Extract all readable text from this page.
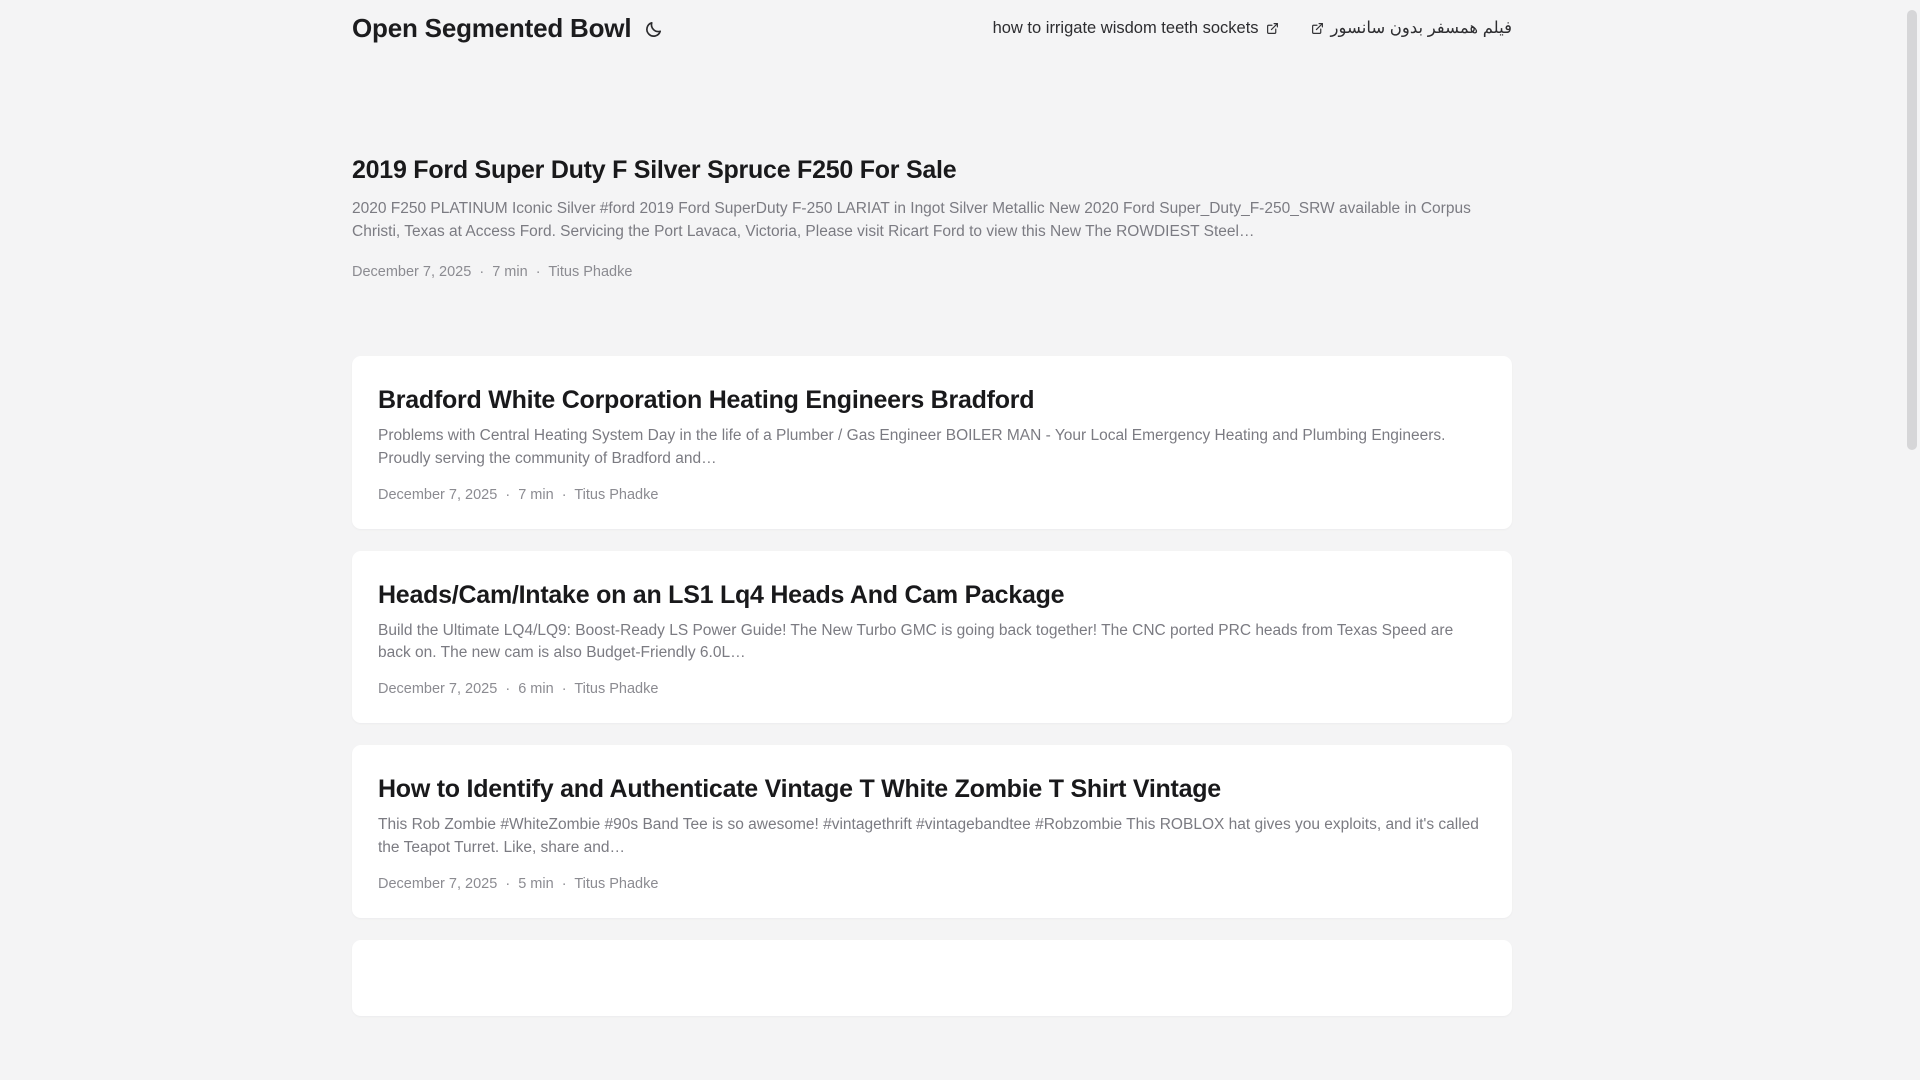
Open Segmented Bowl	how to irrigate wisdom teeth sockets	فیلم همسفر بدون سانسور
2019 Ford Super Duty F Silver Spruce F250 For Sale

2020 F250 PLATINUM Iconic Silver #ford 2019 Ford SuperDuty F-250 LARIAT in Ingot Silver Metallic New 2020 Ford Super_Duty_F-250_SRW available in Corpus Christi, Texas at Access Ford. Servicing the Port Lavaca, Victoria, Please visit Ricart Ford to view this New The ROWDIEST Steel…

December 7, 2025 · 7 min · Titus Phadke
Bradford White Corporation Heating Engineers Bradford

Problems with Central Heating System Day in the life of a Plumber / Gas Engineer BOILER MAN - Your Local Emergency Heating and Plumbing Engineers. Proudly serving the community of Bradford and…

December 7, 2025 · 7 min · Titus Phadke
Heads/Cam/Intake on an LS1 Lq4 Heads And Cam Package

Build the Ultimate LQ4/LQ9: Boost-Ready LS Power Guide! The New Turbo GMC is going back together! The CNC ported PRC heads from Texas Speed are back on. The new cam is also Budget-Friendly 6.0L…

December 7, 2025 · 6 min · Titus Phadke
How to Identify and Authenticate Vintage T White Zombie T Shirt Vintage

This Rob Zombie #WhiteZombie #90s Band Tee is so awesome! #vintagethrift #vintagebandtee #Robzombie This ROBLOX hat gives you exploits, and it's called the Teapot Turret. Like, share and…

December 7, 2025 · 5 min · Titus Phadke
